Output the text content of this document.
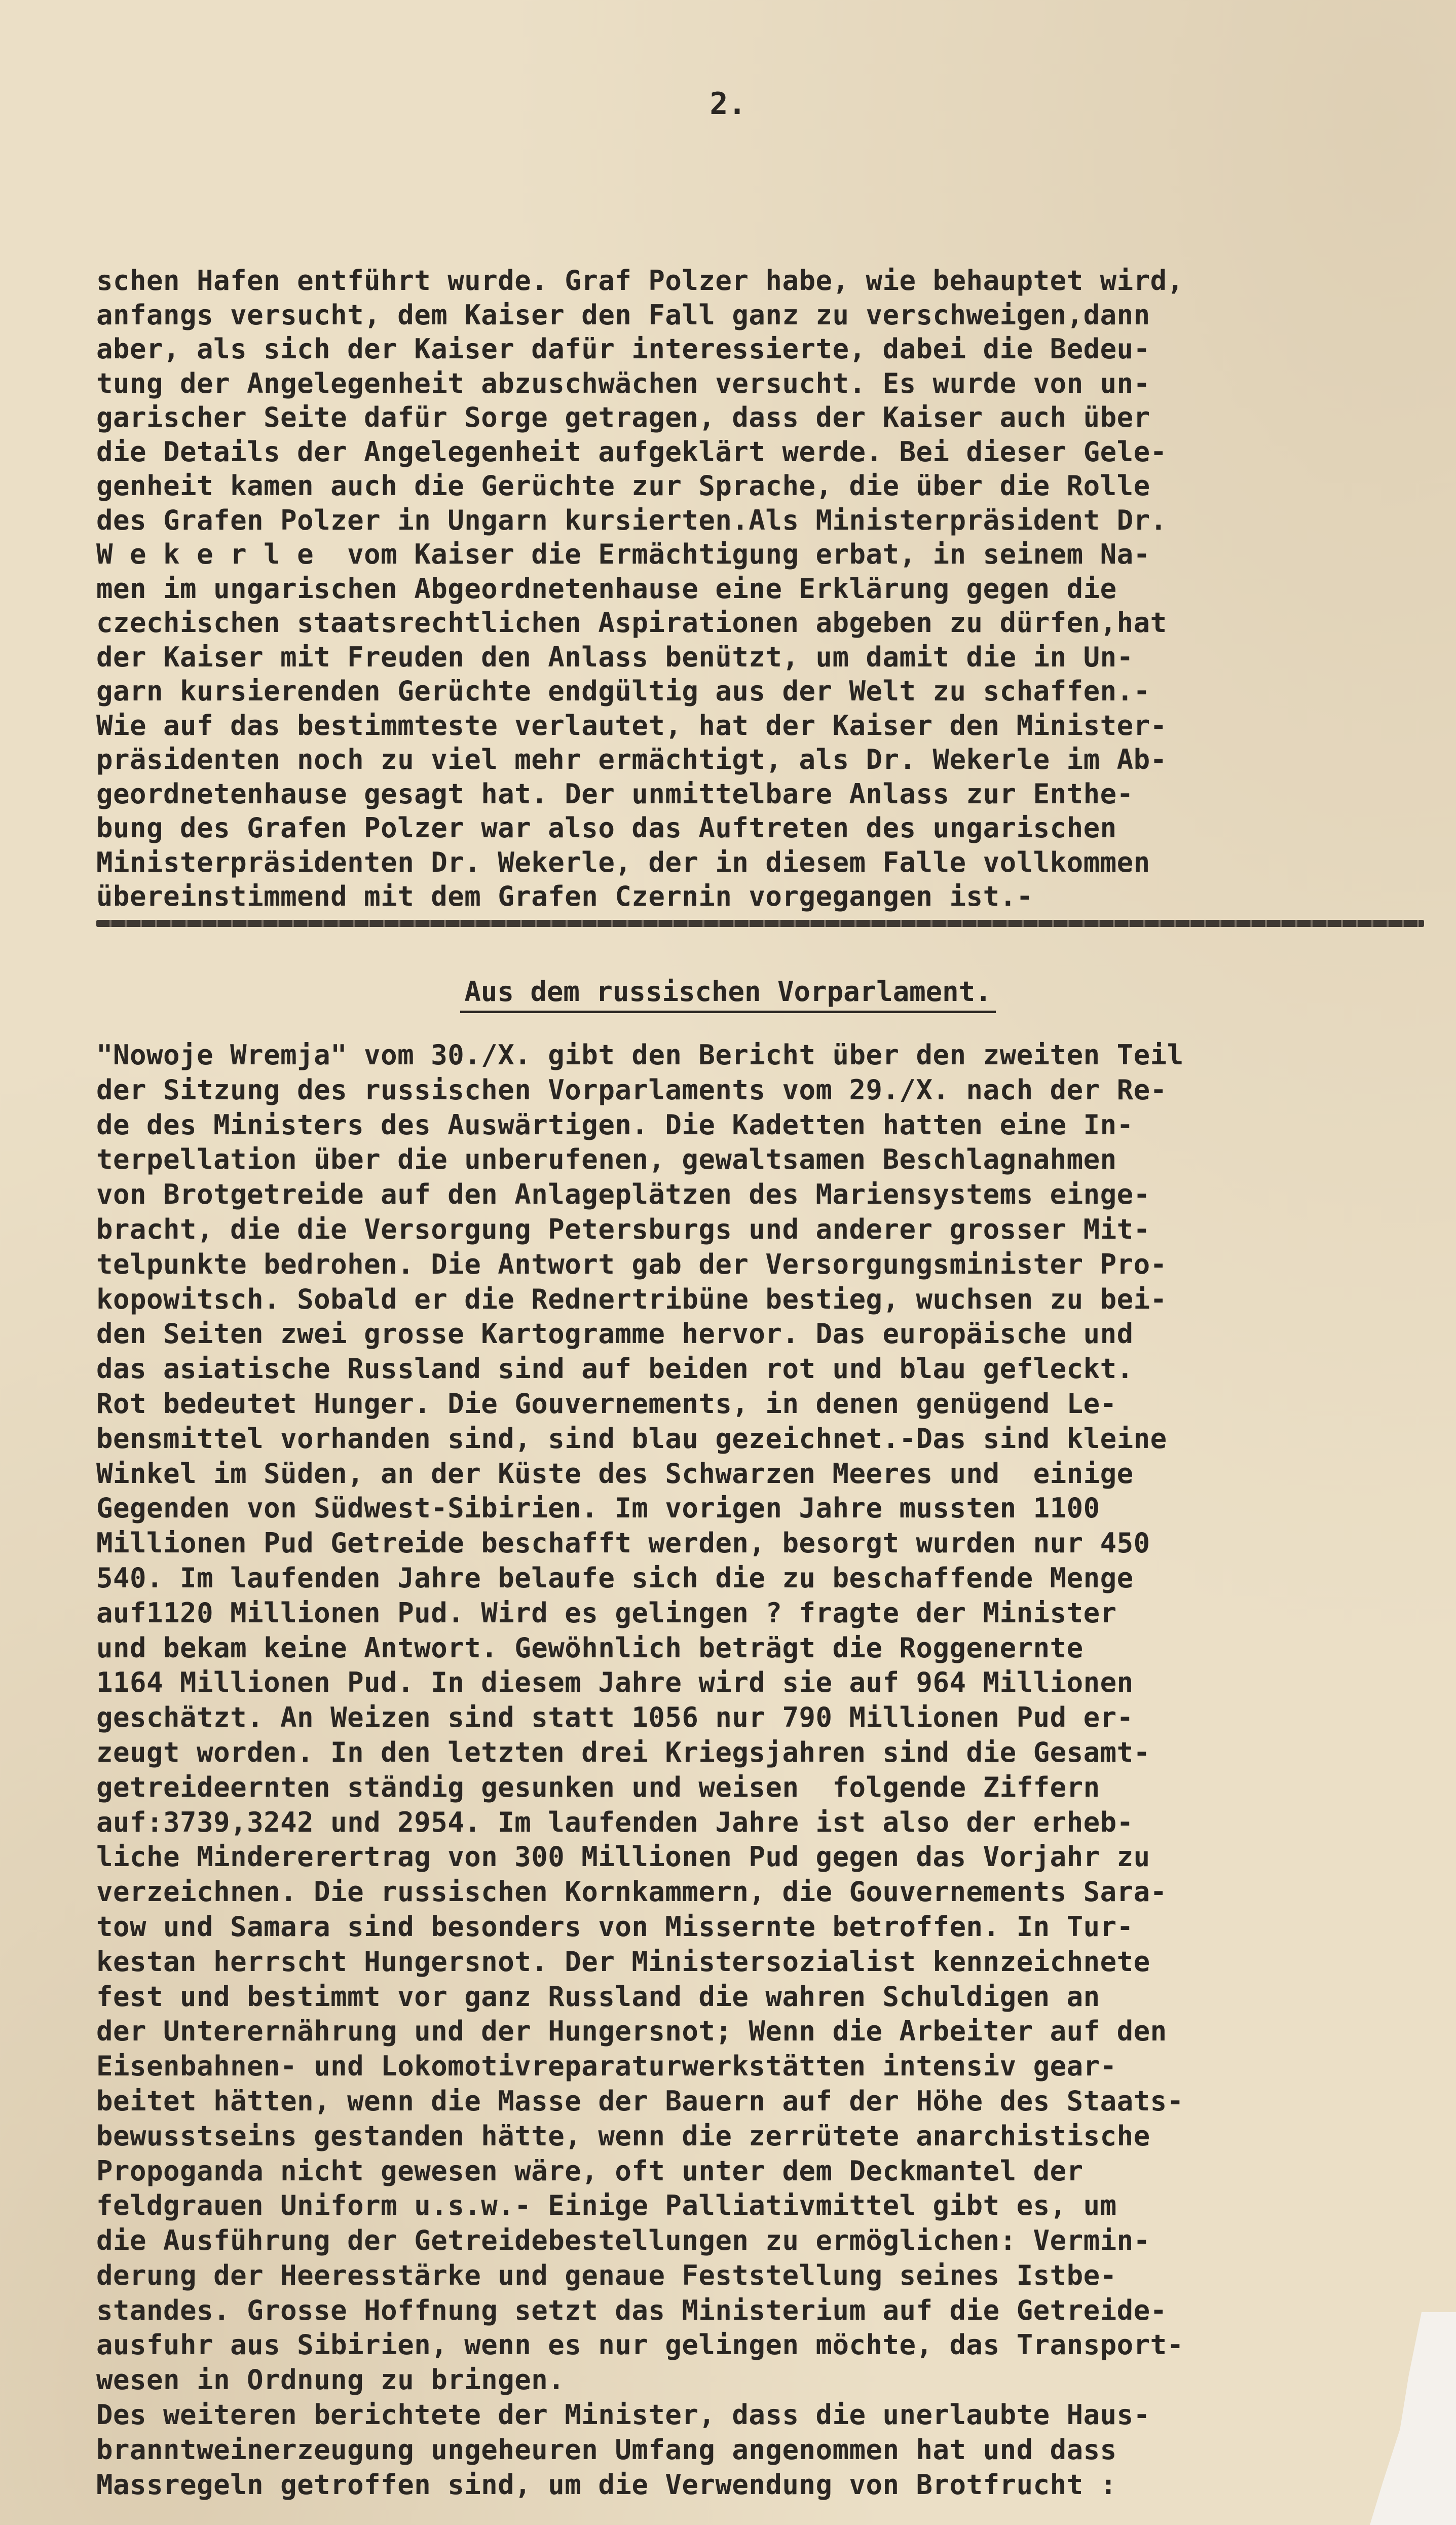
2.
schen Hafen entführt wurde. Graf Polzer habe, wie behauptet wird,
anfangs versucht, dem Kaiser den Fall ganz zu verschweigen,dann
aber, als sich der Kaiser dafür interessierte, dabei die Bedeu-
tung der Angelegenheit abzuschwächen versucht. Es wurde von un-
garischer Seite dafür Sorge getragen, dass der Kaiser auch über
die Details der Angelegenheit aufgeklärt werde. Bei dieser Gele-
genheit kamen auch die Gerüchte zur Sprache, die über die Rolle
des Grafen Polzer in Ungarn kursierten.Als Ministerpräsident Dr.
W e k e r l e  vom Kaiser die Ermächtigung erbat, in seinem Na-
men im ungarischen Abgeordnetenhause eine Erklärung gegen die
czechischen staatsrechtlichen Aspirationen abgeben zu dürfen,hat
der Kaiser mit Freuden den Anlass benützt, um damit die in Un-
garn kursierenden Gerüchte endgültig aus der Welt zu schaffen.-
Wie auf das bestimmteste verlautet, hat der Kaiser den Minister-
präsidenten noch zu viel mehr ermächtigt, als Dr. Wekerle im Ab-
geordnetenhause gesagt hat. Der unmittelbare Anlass zur Enthe-
bung des Grafen Polzer war also das Auftreten des ungarischen
Ministerpräsidenten Dr. Wekerle, der in diesem Falle vollkommen
übereinstimmend mit dem Grafen Czernin vorgegangen ist.-
Aus dem russischen Vorparlament.
"Nowoje Wremja" vom 30./X. gibt den Bericht über den zweiten Teil
der Sitzung des russischen Vorparlaments vom 29./X. nach der Re-
de des Ministers des Auswärtigen. Die Kadetten hatten eine In-
terpellation über die unberufenen, gewaltsamen Beschlagnahmen
von Brotgetreide auf den Anlageplätzen des Mariensystems einge-
bracht, die die Versorgung Petersburgs und anderer grosser Mit-
telpunkte bedrohen. Die Antwort gab der Versorgungsminister Pro-
kopowitsch. Sobald er die Rednertribüne bestieg, wuchsen zu bei-
den Seiten zwei grosse Kartogramme hervor. Das europäische und
das asiatische Russland sind auf beiden rot und blau gefleckt.
Rot bedeutet Hunger. Die Gouvernements, in denen genügend Le-
bensmittel vorhanden sind, sind blau gezeichnet.-Das sind kleine
Winkel im Süden, an der Küste des Schwarzen Meeres und  einige
Gegenden von Südwest-Sibirien. Im vorigen Jahre mussten 1100
Millionen Pud Getreide beschafft werden, besorgt wurden nur 450
540. Im laufenden Jahre belaufe sich die zu beschaffende Menge
auf1120 Millionen Pud. Wird es gelingen ? fragte der Minister
und bekam keine Antwort. Gewöhnlich beträgt die Roggenernte
1164 Millionen Pud. In diesem Jahre wird sie auf 964 Millionen
geschätzt. An Weizen sind statt 1056 nur 790 Millionen Pud er-
zeugt worden. In den letzten drei Kriegsjahren sind die Gesamt-
getreideernten ständig gesunken und weisen  folgende Ziffern
auf:3739,3242 und 2954. Im laufenden Jahre ist also der erheb-
liche Mindererertrag von 300 Millionen Pud gegen das Vorjahr zu
verzeichnen. Die russischen Kornkammern, die Gouvernements Sara-
tow und Samara sind besonders von Missernte betroffen. In Tur-
kestan herrscht Hungersnot. Der Ministersozialist kennzeichnete
fest und bestimmt vor ganz Russland die wahren Schuldigen an
der Unterernährung und der Hungersnot; Wenn die Arbeiter auf den
Eisenbahnen- und Lokomotivreparaturwerkstätten intensiv gear-
beitet hätten, wenn die Masse der Bauern auf der Höhe des Staats-
bewusstseins gestanden hätte, wenn die zerrütete anarchistische
Propoganda nicht gewesen wäre, oft unter dem Deckmantel der
feldgrauen Uniform u.s.w.- Einige Palliativmittel gibt es, um
die Ausführung der Getreidebestellungen zu ermöglichen: Vermin-
derung der Heeresstärke und genaue Feststellung seines Istbe-
standes. Grosse Hoffnung setzt das Ministerium auf die Getreide-
ausfuhr aus Sibirien, wenn es nur gelingen möchte, das Transport-
wesen in Ordnung zu bringen.
Des weiteren berichtete der Minister, dass die unerlaubte Haus-
branntweinerzeugung ungeheuren Umfang angenommen hat und dass
Massregeln getroffen sind, um die Verwendung von Brotfrucht :
